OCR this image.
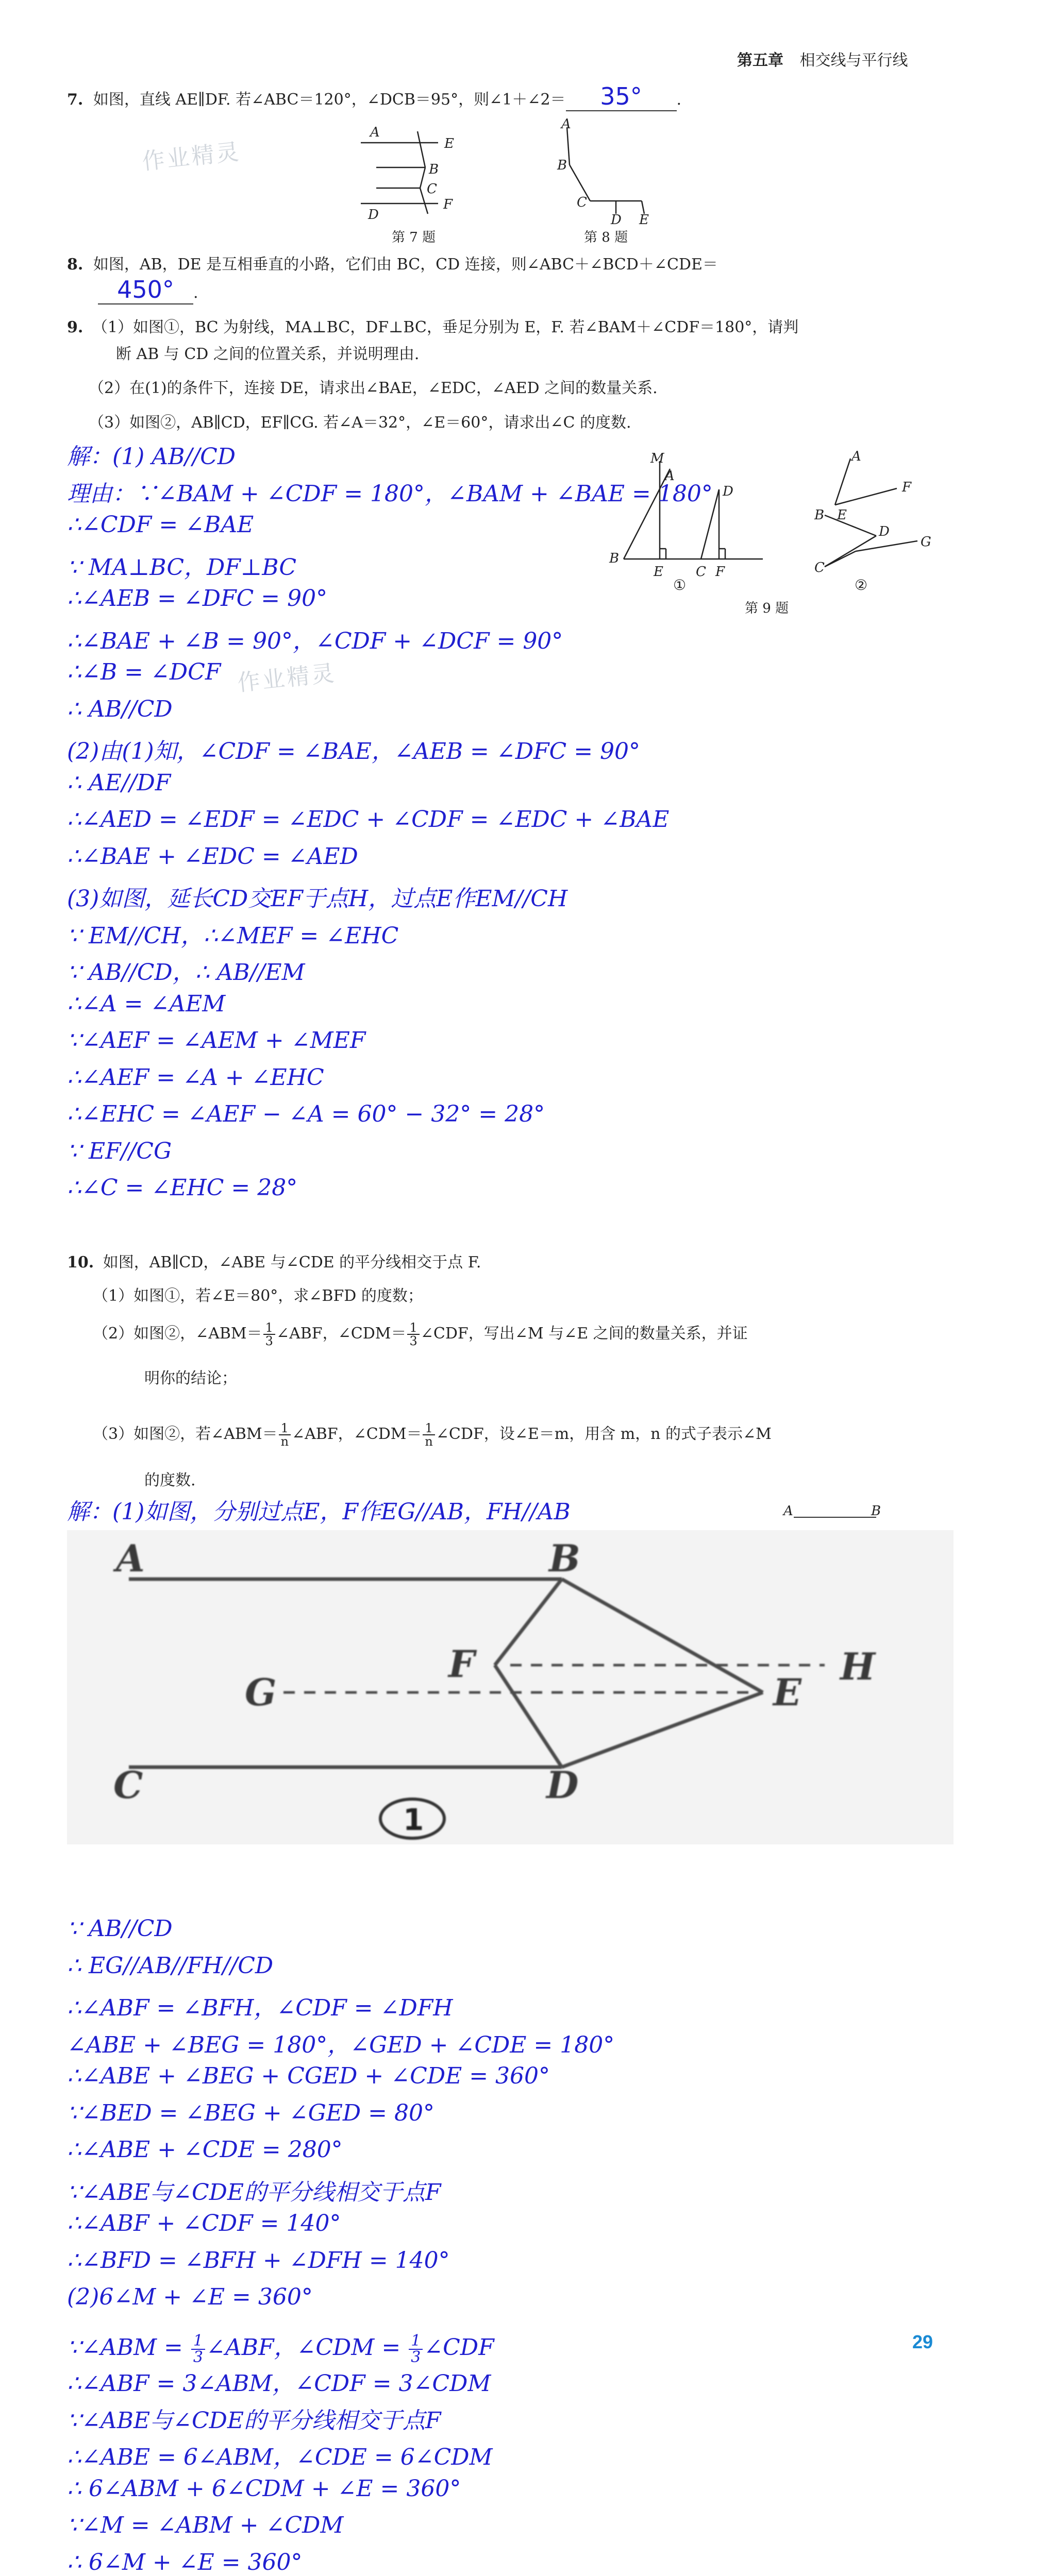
第五章 相交线与平行线
作业精灵
作业精灵
7. 如图，直线 AE∥DF. 若∠ABC＝120°，∠DCB＝95°，则∠1＋∠2＝ 35° .
A
E
B
C
F
D
第 7 题
A
B
C
D E
第 8 题
8. 如图，AB，DE 是互相垂直的小路，它们由 BC，CD 连接，则∠ABC＋∠BCD＋∠CDE＝
450° .
9. （1）如图①，BC 为射线，MA⊥BC，DF⊥BC，垂足分别为 E，F. 若∠BAM＋∠CDF＝180°，请判
断 AB 与 CD 之间的位置关系，并说明理由.
（2）在(1)的条件下，连接 DE，请求出∠BAE，∠EDC，∠AED 之间的数量关系.
（3）如图②，AB∥CD，EF∥CG. 若∠A＝32°，∠E＝60°，请求出∠C 的度数.
M
A
D
B
E C F
A
F
B E
D
G
C
①	②
第 9 题
解：(1) AB//CD
理由：∵∠BAM + ∠CDF = 180°，∠BAM + ∠BAE = 180°
∴∠CDF = ∠BAE
∵ MA⊥BC，DF⊥BC
∴∠AEB = ∠DFC = 90°
∴∠BAE + ∠B = 90°，∠CDF + ∠DCF = 90°
∴∠B = ∠DCF
∴ AB//CD
(2)由(1)知，∠CDF = ∠BAE，∠AEB = ∠DFC = 90°
∴ AE//DF
∴∠AED = ∠EDF = ∠EDC + ∠CDF = ∠EDC + ∠BAE
∴∠BAE + ∠EDC = ∠AED
(3)如图，延长CD交EF于点H，过点E作EM//CH
∵ EM//CH，∴∠MEF = ∠EHC
∵ AB//CD，∴ AB//EM
∴∠A = ∠AEM
∵∠AEF = ∠AEM + ∠MEF
∴∠AEF = ∠A + ∠EHC
∴∠EHC = ∠AEF − ∠A = 60° − 32° = 28°
∵ EF//CG
∴∠C = ∠EHC = 28°
10. 如图，AB∥CD，∠ABE 与∠CDE 的平分线相交于点 F.
（1）如图①，若∠E＝80°，求∠BFD 的度数；
（2）如图②，∠ABM＝ $\frac{1}{3}$ ∠ABF，∠CDM＝ $\frac{1}{3}$ ∠CDF，写出∠M 与∠E 之间的数量关系，并证
明你的结论；
（3）如图②，若∠ABM＝ $\frac{1}{n}$ ∠ABF，∠CDM＝ $\frac{1}{n}$ ∠CDF，设∠E＝m，用含 m，n 的式子表示∠M
的度数.
解：(1)如图，分别过点E，F作EG//AB，FH//AB	A	B
A	B
F	H
G	E
C	D
1
∵ AB//CD
∴ EG//AB//FH//CD
∴∠ABF = ∠BFH，∠CDF = ∠DFH
∠ABE + ∠BEG = 180°，∠GED + ∠CDE = 180°
∴∠ABE + ∠BEG + CGED + ∠CDE = 360°
∵∠BED = ∠BEG + ∠GED = 80°
∴∠ABE + ∠CDE = 280°
∵∠ABE与∠CDE的平分线相交于点F
∴∠ABF + ∠CDF = 140°
∴∠BFD = ∠BFH + ∠DFH = 140°
(2)6∠M + ∠E = 360°
∵∠ABM = $\frac{1}{3}$ ∠ABF，∠CDM = $\frac{1}{3}$ ∠CDF
∴∠ABF = 3∠ABM，∠CDF = 3∠CDM
∵∠ABE与∠CDE的平分线相交于点F
∴∠ABE = 6∠ABM，∠CDE = 6∠CDM
∴ 6∠ABM + 6∠CDM + ∠E = 360°
∵∠M = ∠ABM + ∠CDM
∴ 6∠M + ∠E = 360°
29
